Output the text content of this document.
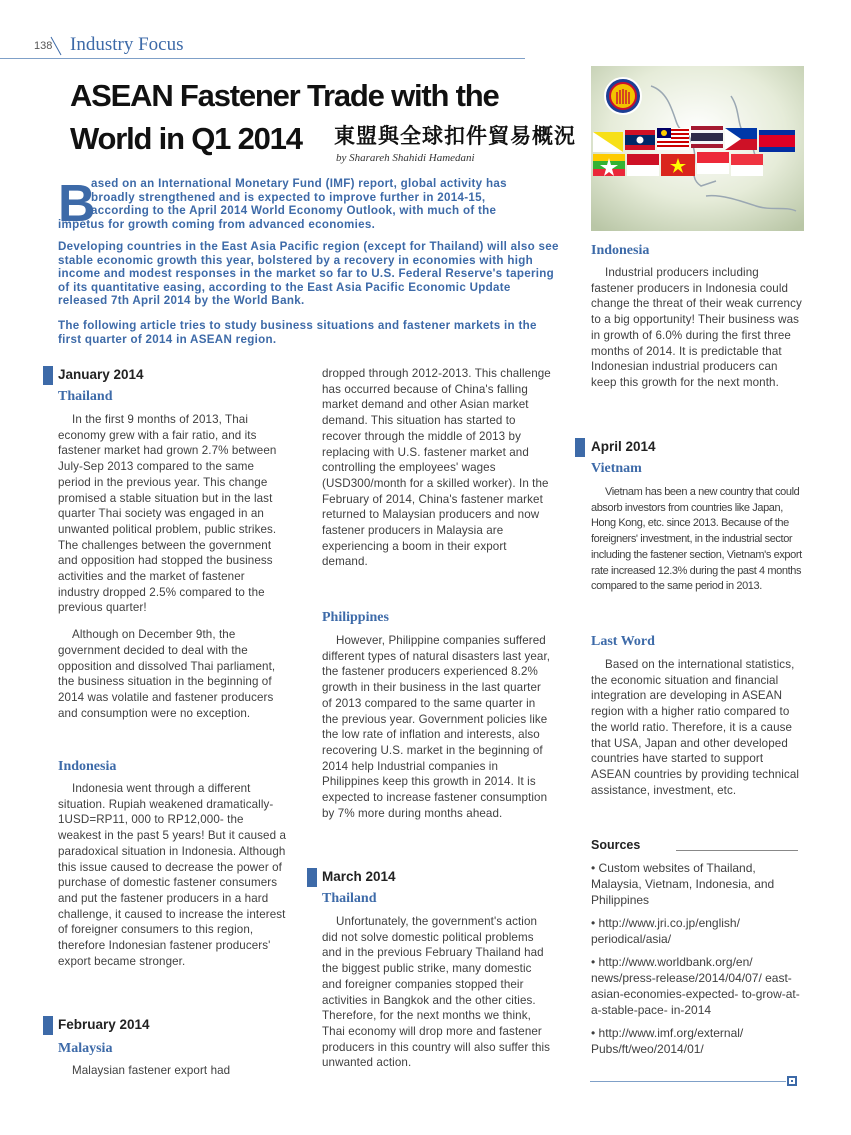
138 Industry Focus
ASEAN Fastener Trade with the
World in Q1 2014	東盟與全球扣件貿易概況
by Sharareh Shahidi Hamedani
B
ased on an International Monetary Fund (IMF) report, global activity has
broadly strengthened and is expected to improve further in 2014-15,
according to the April 2014 World Economy Outlook, with much of the
impetus for growth coming from advanced economies.
Developing countries in the East Asia Pacific region (except for Thailand) will also see stable economic growth this year, bolstered by a recovery in economies with high income and modest responses in the market so far to U.S. Federal Reserve's tapering of its quantitative easing, according to the East Asia Pacific Economic Update released 7th April 2014 by the World Bank.
The following article tries to study business situations and fastener markets in the first quarter of 2014 in ASEAN region.
January 2014
Thailand

In the first 9 months of 2013, Thai economy grew with a fair ratio, and its fastener market had grown 2.7% between July-Sep 2013 compared to the same period in the previous year. This change promised a stable situation but in the last quarter Thai society was engaged in an unwanted political problem, public strikes. The challenges between the government and opposition had stopped the business activities and the market of fastener industry dropped 2.5% compared to the previous quarter!

Although on December 9th, the government decided to deal with the opposition and dissolved Thai parliament, the business situation in the beginning of 2014 was volatile and fastener producers and consumption were no exception.

Indonesia

Indonesia went through a different situation. Rupiah weakened dramatically- 1USD=RP11, 000 to RP12,000- the weakest in the past 5 years! But it caused a paradoxical situation in Indonesia. Although this issue caused to decrease the power of purchase of domestic fastener consumers and put the fastener producers in a hard challenge, it caused to increase the interest of foreigner consumers to this region, therefore Indonesian fastener producers' export became stronger.

February 2014
Malaysia

Malaysian fastener export had

dropped through 2012-2013. This challenge has occurred because of China's falling market demand and other Asian market demand. This situation has started to recover through the middle of 2013 by replacing with U.S. fastener market and controlling the employees' wages (USD300/month for a skilled worker). In the February of 2014, China's fastener market returned to Malaysian producers and now fastener producers in Malaysia are experiencing a boom in their export demand.

Philippines

However, Philippine companies suffered different types of natural disasters last year, the fastener producers experienced 8.2% growth in their business in the last quarter of 2013 compared to the same quarter in the previous year. Government policies like the low rate of inflation and interests, also recovering U.S. market in the beginning of 2014 help Industrial companies in Philippines keep this growth in 2014. It is expected to increase fastener consumption by 7% more during months ahead.

March 2014
Thailand

Unfortunately, the government's action did not solve domestic political problems and in the previous February Thailand had the biggest public strike, many domestic and foreigner companies stopped their activities in Bangkok and the other cities. Therefore, for the next months we think, Thai economy will drop more and fastener producers in this country will also suffer this unwanted action.

Indonesia

Industrial producers including fastener producers in Indonesia could change the threat of their weak currency to a big opportunity! Their business was in growth of 6.0% during the first three months of 2014. It is predictable that Indonesian industrial producers can keep this growth for the next month.

April 2014
Vietnam

Vietnam has been a new country that could absorb investors from countries like Japan, Hong Kong, etc. since 2013. Because of the foreigners' investment, in the industrial sector including the fastener section, Vietnam's export rate increased 12.3% during the past 4 months compared to the same period in 2013.

Last Word

Based on the international statistics, the economic situation and financial integration are developing in ASEAN region with a higher ratio compared to the world ratio. Therefore, it is a cause that USA, Japan and other developed countries have started to support ASEAN countries by providing technical assistance, investment, etc.

Sources
• Custom websites of Thailand, Malaysia, Vietnam, Indonesia, and Philippines
• http://www.jri.co.jp/english/ periodical/asia/
• http://www.worldbank.org/en/ news/press-release/2014/04/07/ east-asian-economies-expected- to-grow-at-a-stable-pace- in-2014
• http://www.imf.org/external/ Pubs/ft/weo/2014/01/
